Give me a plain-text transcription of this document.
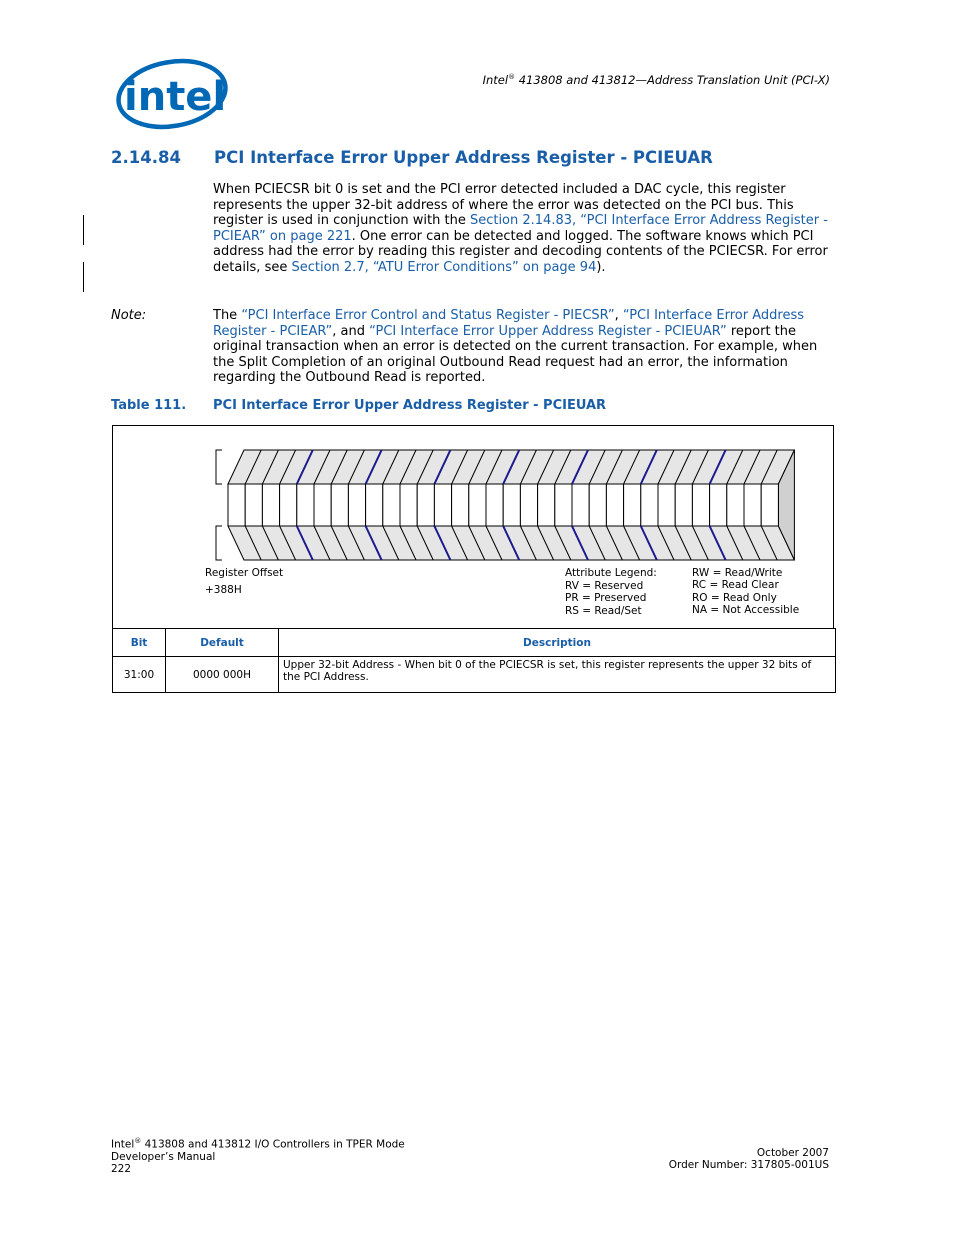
intel	Intel® 413808 and 413812—Address Translation Unit (PCI-X)
2.14.84 PCI Interface Error Upper Address Register - PCIEUAR
When PCIECSR bit 0 is set and the PCI error detected included a DAC cycle, this register represents the upper 32-bit address of where the error was detected on the PCI bus. This register is used in conjunction with the Section 2.14.83, “PCI Interface Error Address Register - PCIEAR” on page 221. One error can be detected and logged. The software knows which PCI address had the error by reading this register and decoding contents of the PCIECSR. For error details, see Section 2.7, “ATU Error Conditions” on page 94).
Note:	The “PCI Interface Error Control and Status Register - PIECSR”, “PCI Interface Error Address Register - PCIEAR”, and “PCI Interface Error Upper Address Register - PCIEUAR” report the original transaction when an error is detected on the current transaction. For example, when the Split Completion of an original Outbound Read request had an error, the information regarding the Outbound Read is reported.
Table 111. PCI Interface Error Upper Address Register - PCIEUAR
Register Offset
+388H
Attribute Legend:
RV = Reserved
PR = Preserved
RS = Read/Set
RW = Read/Write
RC = Read Clear
RO = Read Only
NA = Not Accessible
Bit	Default	Description
31:00	0000 000H	Upper 32-bit Address - When bit 0 of the PCIECSR is set, this register represents the upper 32 bits of the PCI Address.
Intel® 413808 and 413812 I/O Controllers in TPER Mode
Developer’s Manual
222
October 2007
Order Number: 317805-001US
